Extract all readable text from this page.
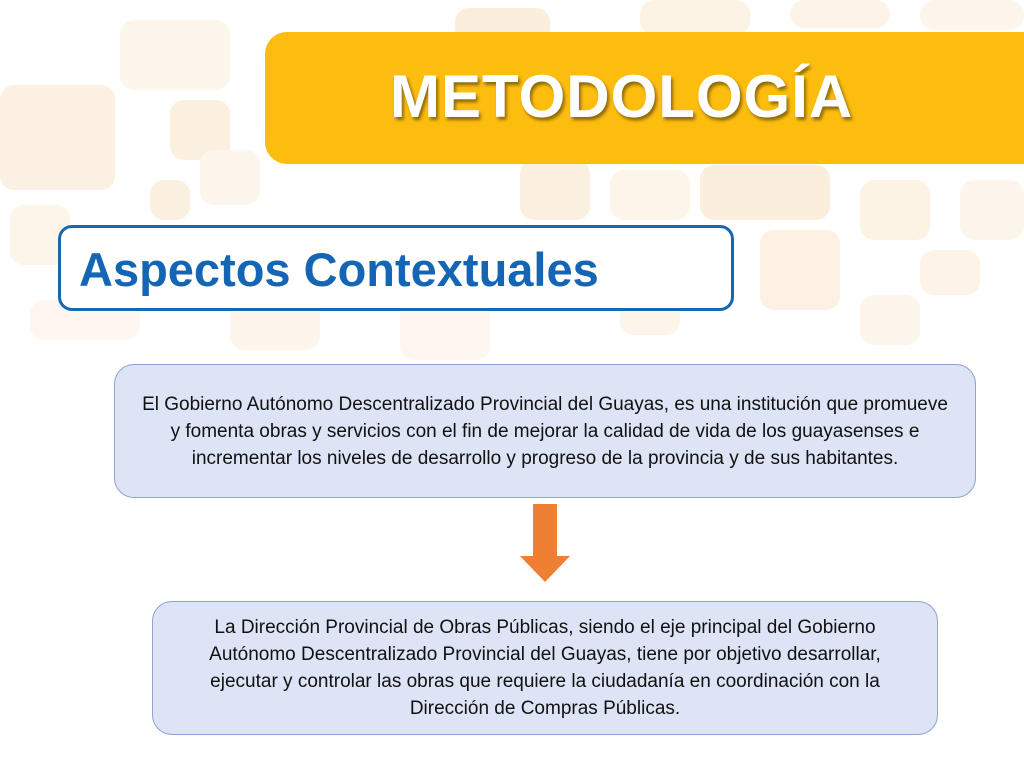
METODOLOGÍA
Aspectos Contextuales
El Gobierno Autónomo Descentralizado Provincial del Guayas, es una institución que promueve y fomenta obras y servicios con el fin de mejorar la calidad de vida de los guayasenses e incrementar los niveles de desarrollo y progreso de la provincia y de sus habitantes.
La Dirección Provincial de Obras Públicas, siendo el eje principal del Gobierno Autónomo Descentralizado Provincial del Guayas, tiene por objetivo desarrollar, ejecutar y controlar las obras que requiere la ciudadanía en coordinación con la Dirección de Compras Públicas.
